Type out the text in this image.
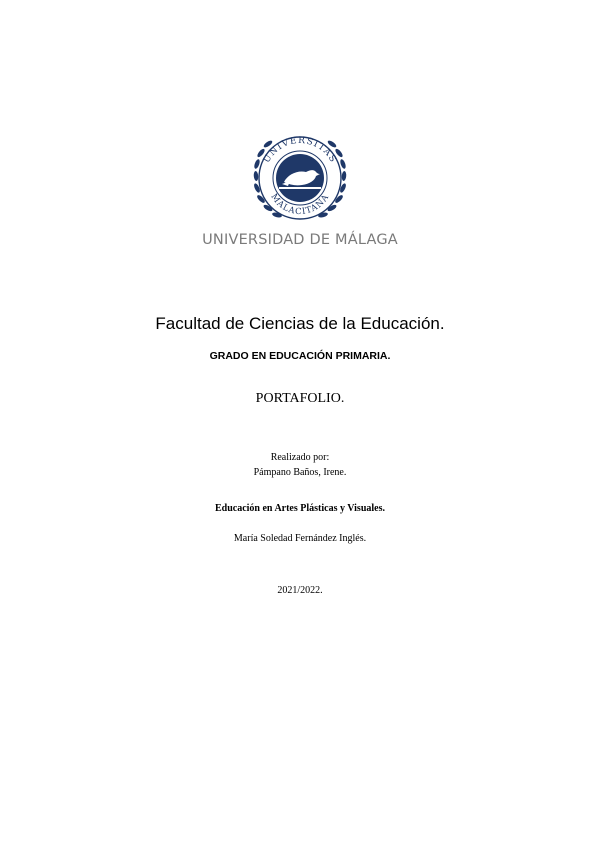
UNIVERSITAS
MALACITANA
UNIVERSIDAD DE MÁLAGA
Facultad de Ciencias de la Educación.
GRADO EN EDUCACIÓN PRIMARIA.
PORTAFOLIO.
Realizado por:
Pámpano Baños, Irene.
Educación en Artes Plásticas y Visuales.
María Soledad Fernández Inglés.
2021/2022.
